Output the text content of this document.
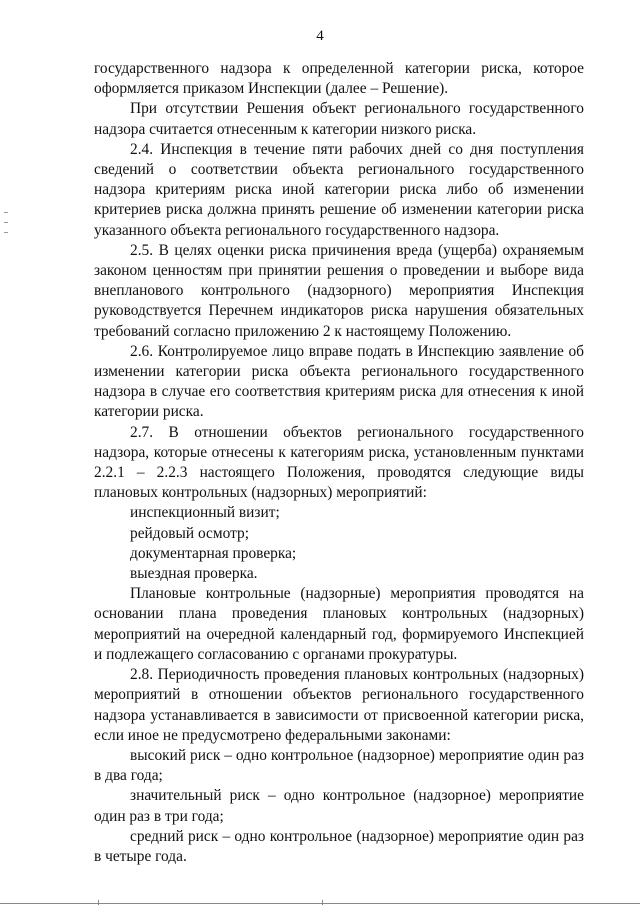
4

государственного надзора к определенной категории риска, которое оформляется приказом Инспекции (далее – Решение).

При отсутствии Решения объект регионального государственного надзора считается отнесенным к категории низкого риска.

2.4. Инспекция в течение пяти рабочих дней со дня поступления сведений о соответствии объекта регионального государственного надзора критериям риска иной категории риска либо об изменении критериев риска должна принять решение об изменении категории риска указанного объекта регионального государственного надзора.

2.5. В целях оценки риска причинения вреда (ущерба) охраняемым законом ценностям при принятии решения о проведении и выборе вида внепланового контрольного (надзорного) мероприятия Инспекция руководствуется Перечнем индикаторов риска нарушения обязательных требований согласно приложению 2 к настоящему Положению.

2.6. Контролируемое лицо вправе подать в Инспекцию заявление об изменении категории риска объекта регионального государственного надзора в случае его соответствия критериям риска для отнесения к иной категории риска.

2.7. В отношении объектов регионального государственного надзора, которые отнесены к категориям риска, установленным пунктами 2.2.1 – 2.2.3 настоящего Положения, проводятся следующие виды плановых контрольных (надзорных) мероприятий:

инспекционный визит;

рейдовый осмотр;

документарная проверка;

выездная проверка.

Плановые контрольные (надзорные) мероприятия проводятся на основании плана проведения плановых контрольных (надзорных) мероприятий на очередной календарный год, формируемого Инспекцией и подлежащего согласованию с органами прокуратуры.

2.8. Периодичность проведения плановых контрольных (надзорных) мероприятий в отношении объектов регионального государственного надзора устанавливается в зависимости от присвоенной категории риска, если иное не предусмотрено федеральными законами:

высокий риск – одно контрольное (надзорное) мероприятие один раз в два года;

значительный риск – одно контрольное (надзорное) мероприятие один раз в три года;

средний риск – одно контрольное (надзорное) мероприятие один раз в четыре года.
